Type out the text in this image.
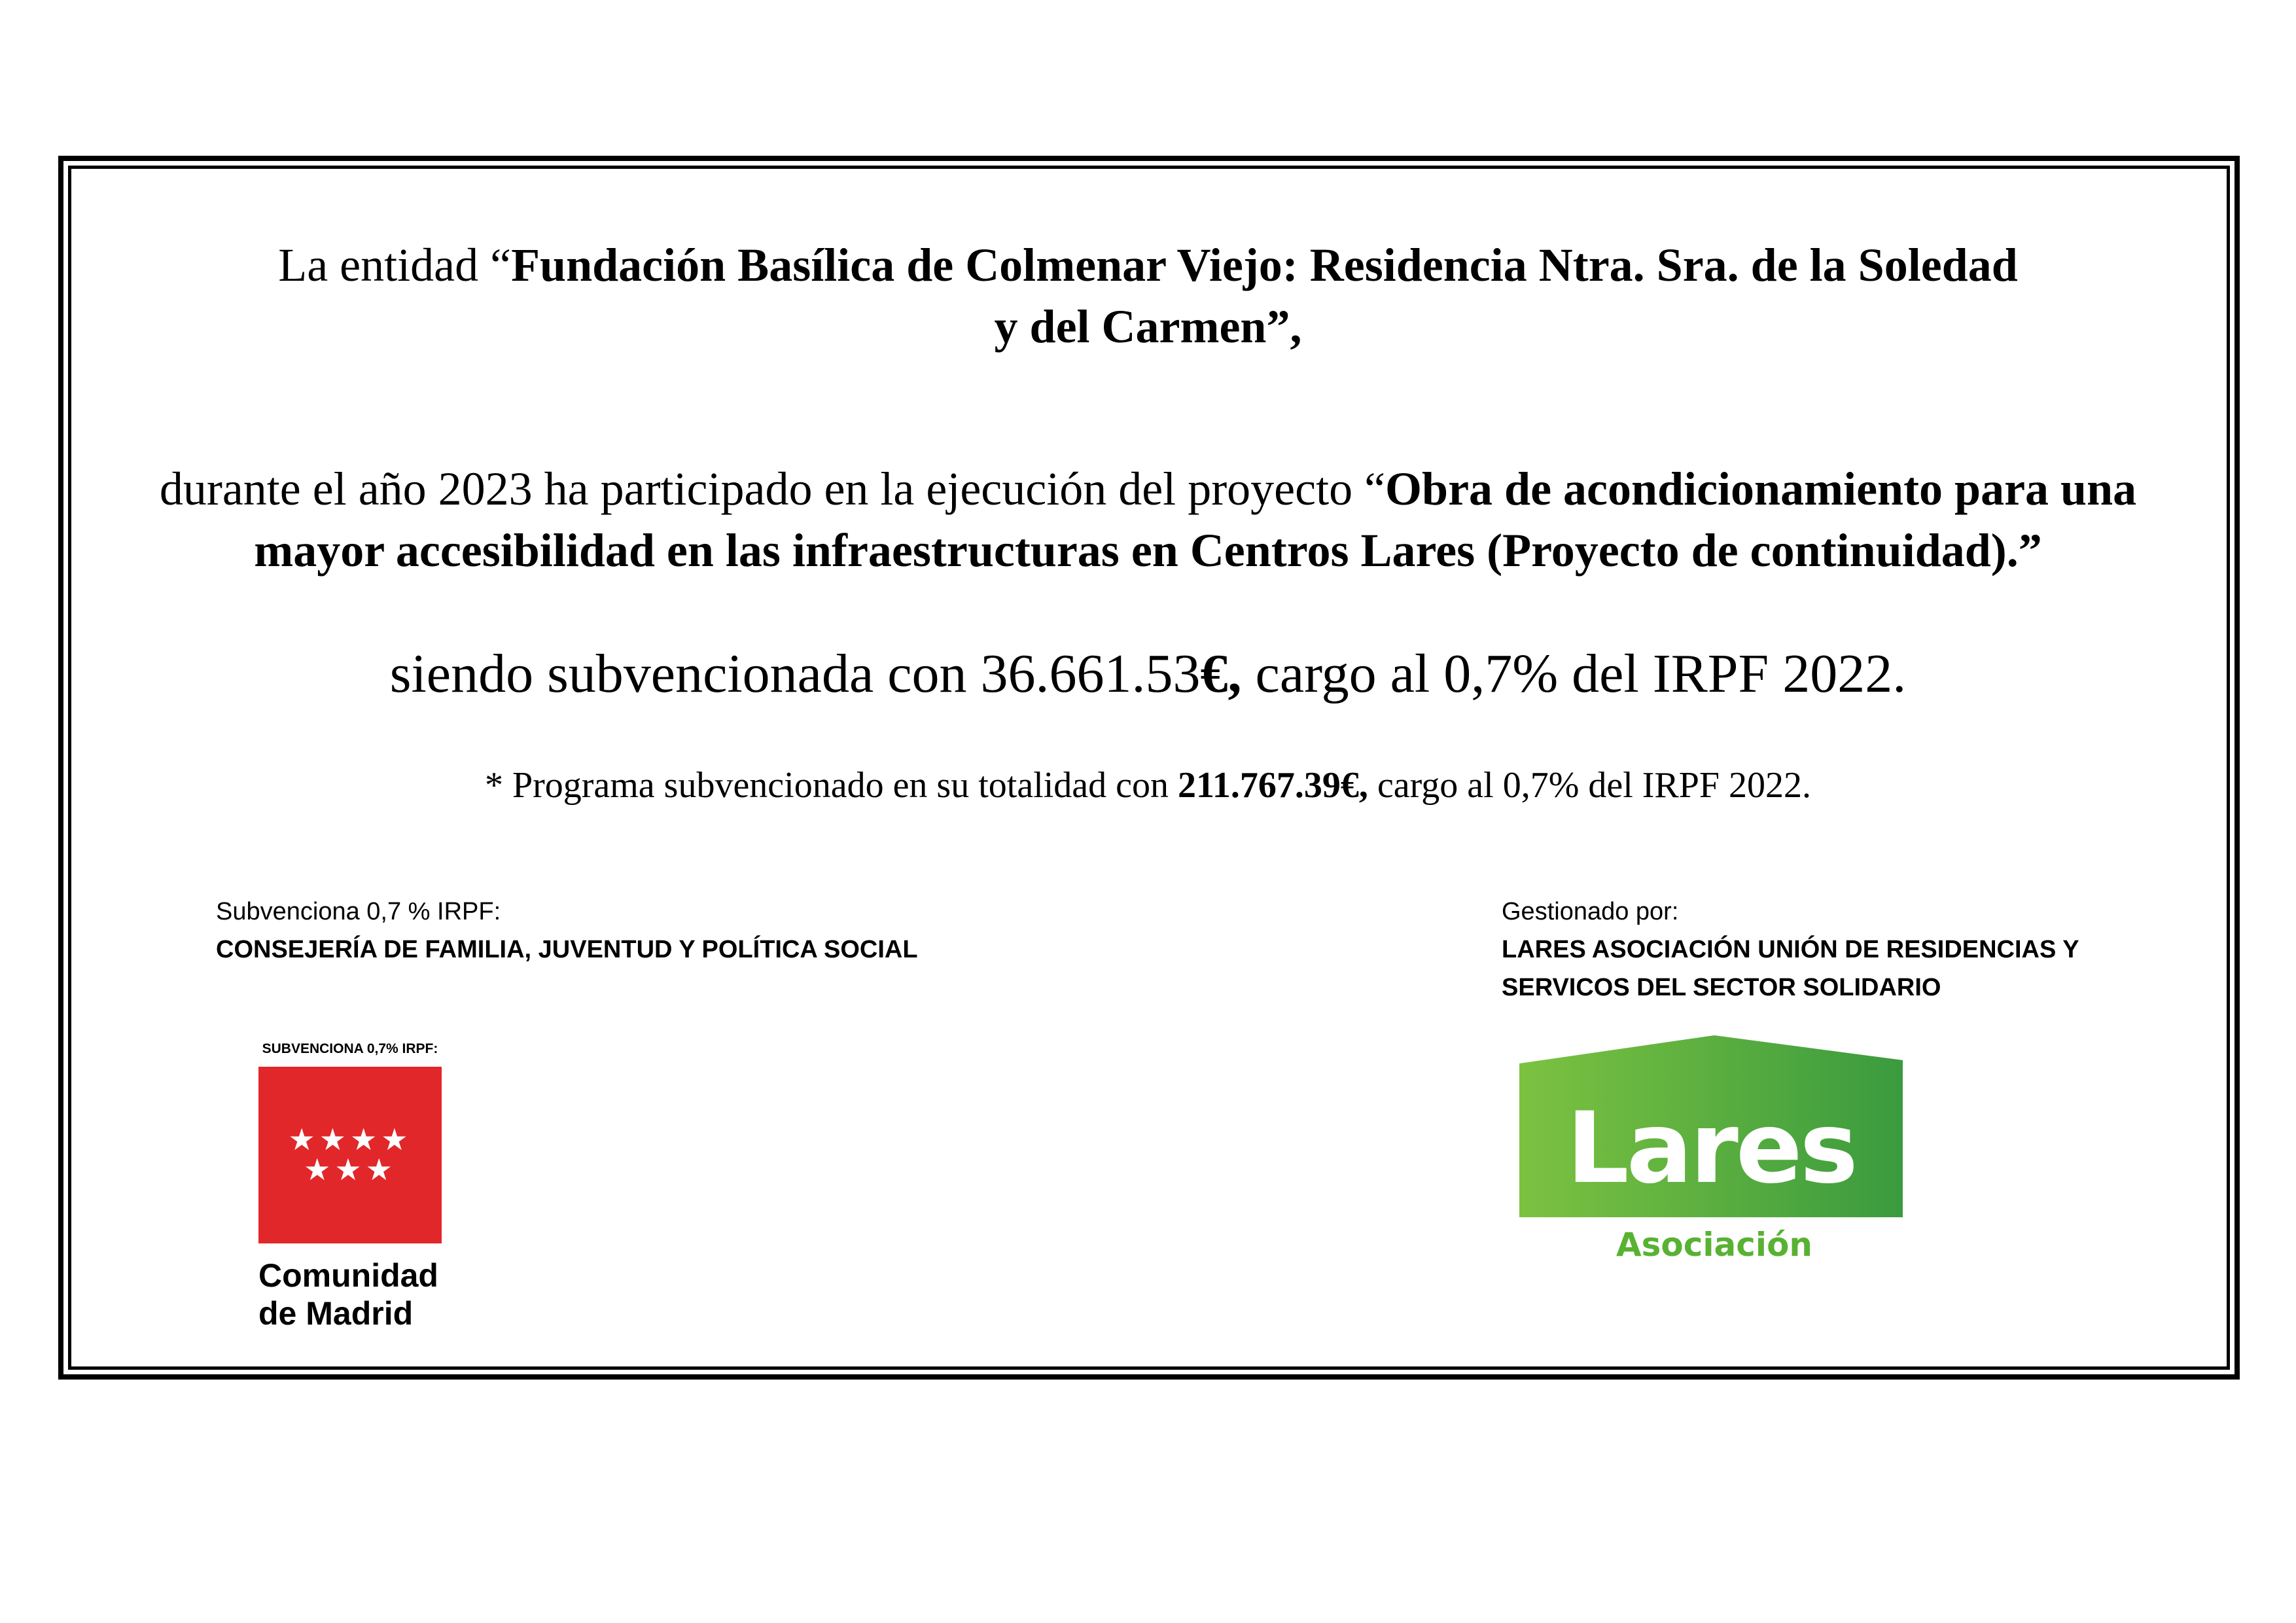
La entidad “Fundación Basílica de Colmenar Viejo: Residencia Ntra. Sra. de la Soledad
y del Carmen”,
durante el año 2023 ha participado en la ejecución del proyecto “Obra de acondicionamiento para una
mayor accesibilidad en las infraestructuras en Centros Lares (Proyecto de continuidad).”
siendo subvencionada con 36.661.53€, cargo al 0,7% del IRPF 2022.
* Programa subvencionado en su totalidad con 211.767.39€, cargo al 0,7% del IRPF 2022.
Subvenciona 0,7 % IRPF:
CONSEJERÍA DE FAMILIA, JUVENTUD Y POLÍTICA SOCIAL
Gestionado por:
LARES ASOCIACIÓN UNIÓN DE RESIDENCIAS Y
SERVICOS DEL SECTOR SOLIDARIO
SUBVENCIONA 0,7% IRPF:
★★★★
★★★
Comunidad
de Madrid
Lares
Asociación
